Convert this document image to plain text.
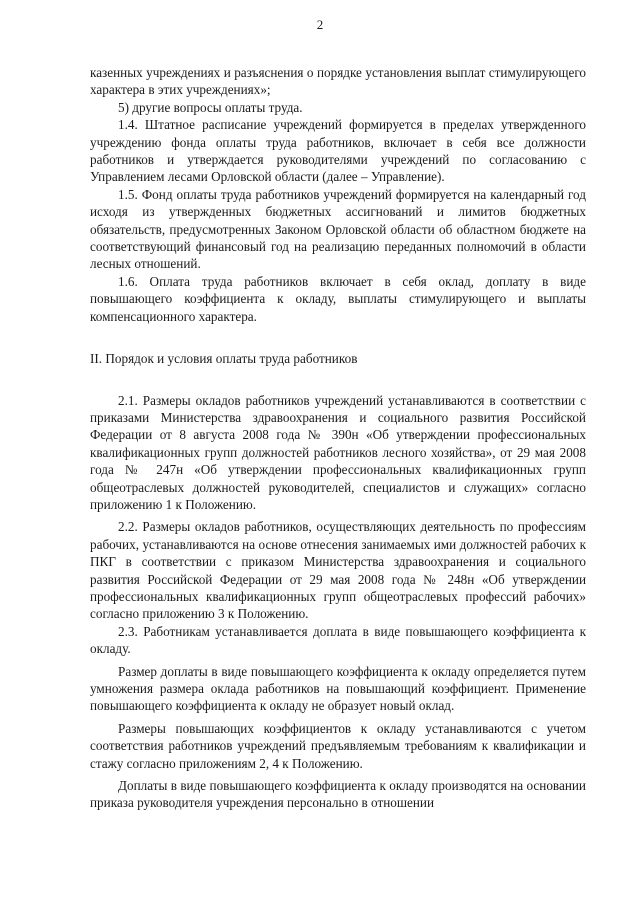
2

казенных учреждениях и разъяснения о порядке установления выплат стимулирующего характера в этих учреждениях»;

5) другие вопросы оплаты труда.

1.4. Штатное расписание учреждений формируется в пределах утвержденного учреждению фонда оплаты труда работников, включает в себя все должности работников и утверждается руководителями учреждений по согласованию с Управлением лесами Орловской области (далее – Управление).

1.5. Фонд оплаты труда работников учреждений формируется на календарный год исходя из утвержденных бюджетных ассигнований и лимитов бюджетных обязательств, предусмотренных Законом Орловской области об областном бюджете на соответствующий финансовый год на реализацию переданных полномочий в области лесных отношений.

1.6. Оплата труда работников включает в себя оклад, доплату в виде повышающего коэффициента к окладу, выплаты стимулирующего и выплаты компенсационного характера.

II. Порядок и условия оплаты труда работников

2.1. Размеры окладов работников учреждений устанавливаются в соответствии с приказами Министерства здравоохранения и социального развития Российской Федерации от 8 августа 2008 года № 390н «Об утверждении профессиональных квалификационных групп должностей работников лесного хозяйства», от 29 мая 2008 года № 247н «Об утверждении профессиональных квалификационных групп общеотраслевых должностей руководителей, специалистов и служащих» согласно приложению 1 к Положению.

2.2. Размеры окладов работников, осуществляющих деятельность по профессиям рабочих, устанавливаются на основе отнесения занимаемых ими должностей рабочих к ПКГ в соответствии с приказом Министерства здравоохранения и социального развития Российской Федерации от 29 мая 2008 года № 248н «Об утверждении профессиональных квалификационных групп общеотраслевых профессий рабочих» согласно приложению 3 к Положению.

2.3. Работникам устанавливается доплата в виде повышающего коэффициента к окладу.

Размер доплаты в виде повышающего коэффициента к окладу определяется путем умножения размера оклада работников на повышающий коэффициент. Применение повышающего коэффициента к окладу не образует новый оклад.

Размеры повышающих коэффициентов к окладу устанавливаются с учетом соответствия работников учреждений предъявляемым требованиям к квалификации и стажу согласно приложениям 2, 4 к Положению.

Доплаты в виде повышающего коэффициента к окладу производятся на основании приказа руководителя учреждения персонально в отношении
